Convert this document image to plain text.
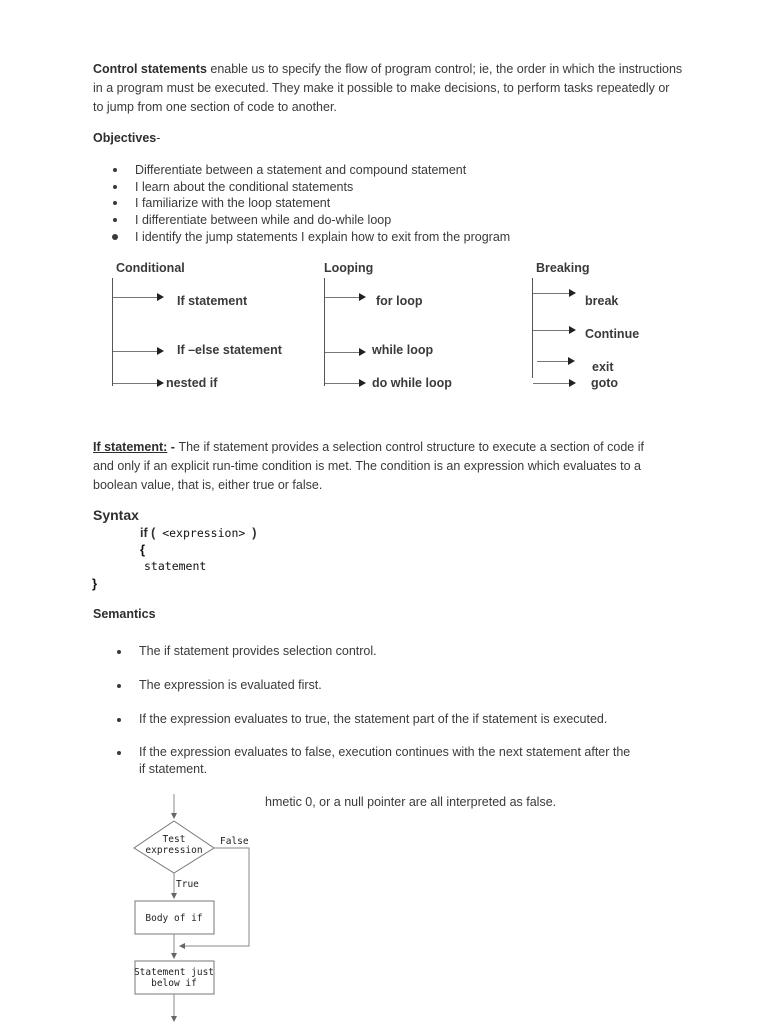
Control statements enable us to specify the flow of program control; ie, the order in which the instructions in a program must be executed. They make it possible to make decisions, to perform tasks repeatedly or to jump from one section of code to another.
Objectives-
Differentiate between a statement and compound statement
I learn about the conditional statements
I familiarize with the loop statement
I differentiate between while and do-while loop
I identify the jump statements I explain how to exit from the program
Conditional
If statement
If –else statement
nested if
Looping
for loop
while loop
do while loop
Breaking
break
Continue
exit
goto
If statement: - The if statement provides a selection control structure to execute a section of code if and only if an explicit run-time condition is met. The condition is an expression which evaluates to a boolean value, that is, either true or false.
Syntax
if ( <expression> )
{
statement
}
Semantics
The if statement provides selection control.
The expression is evaluated first.
If the expression evaluates to true, the statement part of the if statement is executed.
If the expression evaluates to false, execution continues with the next statement after the if statement.
hmetic 0, or a null pointer are all interpreted as false.
Test
expression
False
True
Body of if
Statement just
below if
